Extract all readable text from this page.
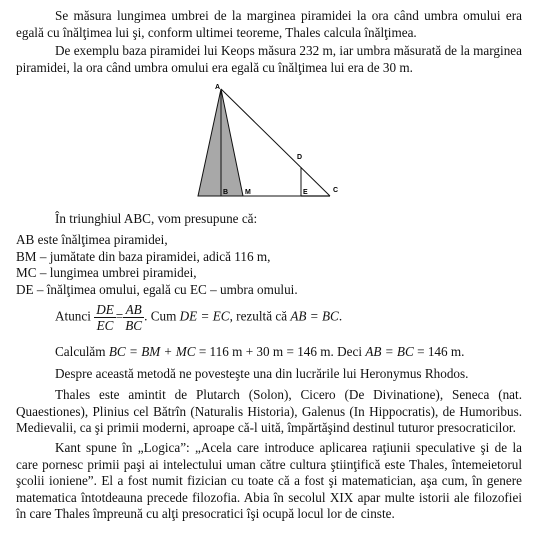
Se măsura lungimea umbrei de la marginea piramidei la ora când umbra omului era egală cu înălţimea lui şi, conform ultimei teoreme, Thales calcula înălţimea.

De exemplu baza piramidei lui Keops măsura 232 m, iar umbra măsurată de la marginea piramidei, la ora când umbra omului era egală cu înălţimea lui era de 30 m.

A
B M
D
E	C
În triunghiul ABC, vom presupune că:
AB este înălţimea piramidei,
BM – jumătate din baza piramidei, adică 116 m,
MC – lungimea umbrei piramidei,
DE – înălţimea omului, egală cu EC – umbra omului.
Atunci $\frac{DE}{EC} = \frac{AB}{BC}$ . Cum DE = EC, rezultă că AB = BC.
Calculăm BC = BM + MC = 116 m + 30 m = 146 m. Deci AB = BC = 146 m.

Despre această metodă ne povesteşte una din lucrările lui Heronymus Rhodos.

Thales este amintit de Plutarch (Solon), Cicero (De Divinatione), Seneca (nat. Quaestiones), Plinius cel Bătrîn (Naturalis Historia), Galenus (In Hippocratis), de Humoribus. Medievalii, ca şi primii moderni, aproape că-l uită, împărtăşind destinul tuturor presocraticilor.

Kant spune în „Logica”: „Acela care introduce aplicarea raţiunii speculative şi de la care pornesc primii paşi ai intelectului uman către cultura ştiinţifică este Thales, întemeietorul şcolii ioniene”. El a fost numit fizician cu toate că a fost şi matematician, aşa cum, în genere matematica întotdeauna precede filozofia. Abia în secolul XIX apar multe istorii ale filozofiei în care Thales împreună cu alţi presocratici îşi ocupă locul lor de cinste.
